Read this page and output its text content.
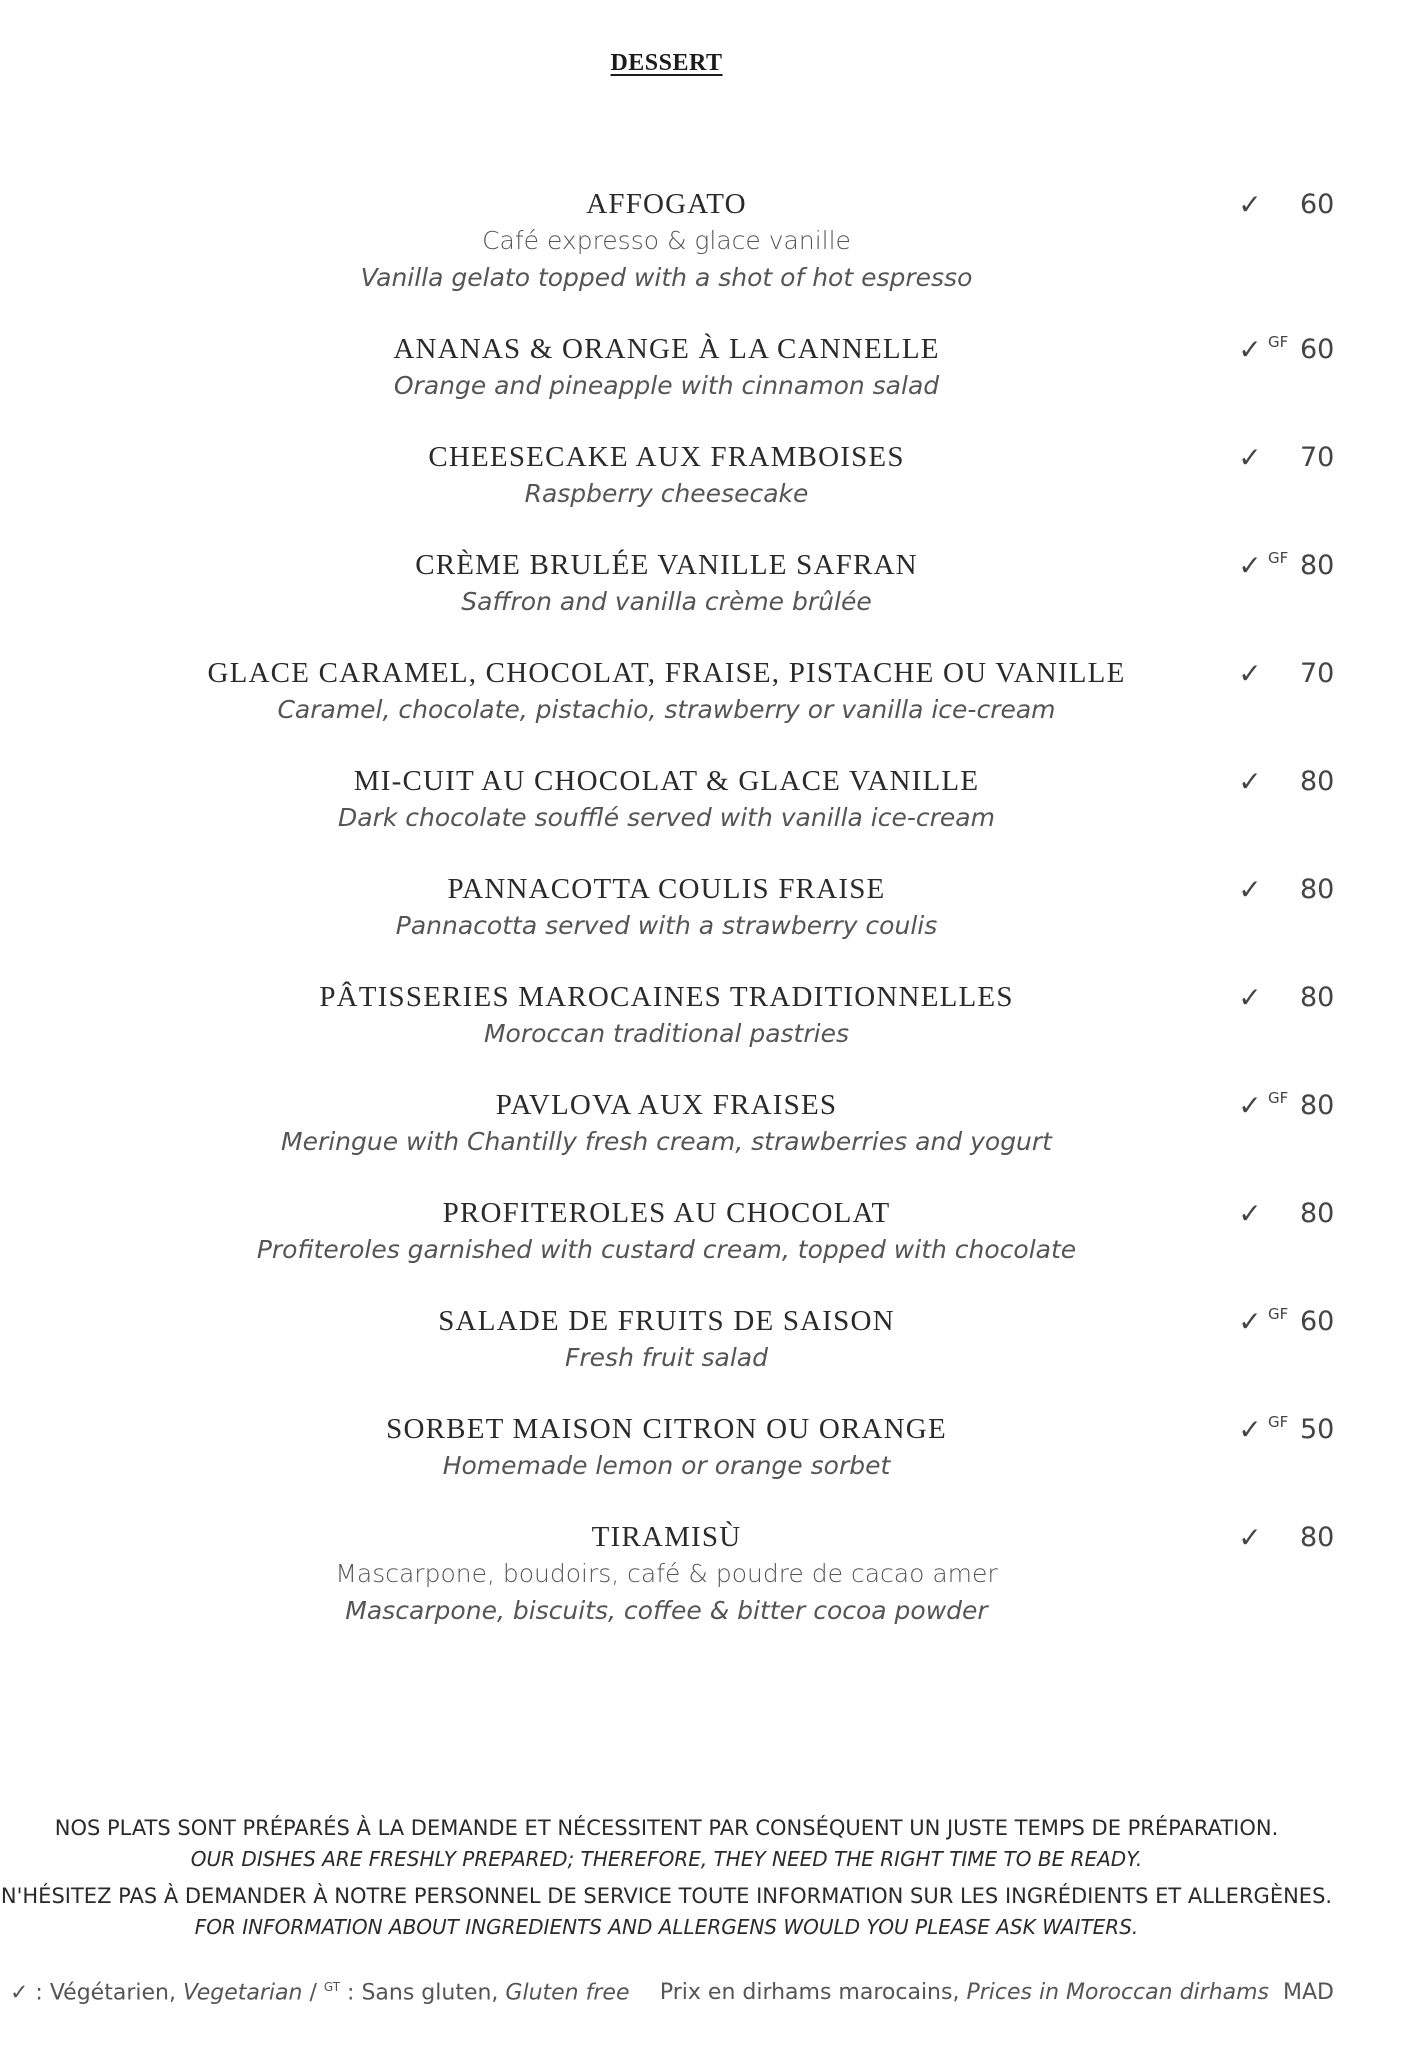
DESSERT
AFFOGATO
Café expresso & glace vanille
Vanilla gelato topped with a shot of hot espresso
✓ 60
ANANAS & ORANGE À LA CANNELLE
Orange and pineapple with cinnamon salad
✓ GF 60
CHEESECAKE AUX FRAMBOISES
Raspberry cheesecake
✓ 70
CRÈME BRULÉE VANILLE SAFRAN
Saffron and vanilla crème brûlée
✓ GF 80
GLACE CARAMEL, CHOCOLAT, FRAISE, PISTACHE OU VANILLE
Caramel, chocolate, pistachio, strawberry or vanilla ice-cream
✓ 70
MI-CUIT AU CHOCOLAT & GLACE VANILLE
Dark chocolate soufflé served with vanilla ice-cream
✓ 80
PANNACOTTA COULIS FRAISE
Pannacotta served with a strawberry coulis
✓ 80
PÂTISSERIES MAROCAINES TRADITIONNELLES
Moroccan traditional pastries
✓ 80
PAVLOVA AUX FRAISES
Meringue with Chantilly fresh cream, strawberries and yogurt
✓ GF 80
PROFITEROLES AU CHOCOLAT
Profiteroles garnished with custard cream, topped with chocolate
✓ 80
SALADE DE FRUITS DE SAISON
Fresh fruit salad
✓ GF 60
SORBET MAISON CITRON OU ORANGE
Homemade lemon or orange sorbet
✓ GF 50
TIRAMISÙ
Mascarpone, boudoirs, café & poudre de cacao amer
Mascarpone, biscuits, coffee & bitter cocoa powder
✓ 80
NOS PLATS SONT PRÉPARÉS À LA DEMANDE ET NÉCESSITENT PAR CONSÉQUENT UN JUSTE TEMPS DE PRÉPARATION.
OUR DISHES ARE FRESHLY PREPARED; THEREFORE, THEY NEED THE RIGHT TIME TO BE READY.
N'HÉSITEZ PAS À DEMANDER À NOTRE PERSONNEL DE SERVICE TOUTE INFORMATION SUR LES INGRÉDIENTS ET ALLERGÈNES.
FOR INFORMATION ABOUT INGREDIENTS AND ALLERGENS WOULD YOU PLEASE ASK WAITERS.
✓ : Végétarien, Vegetarian / $^{GT}$ : Sans gluten, Gluten free Prix en dirhams marocains, Prices in Moroccan dirhams MAD
